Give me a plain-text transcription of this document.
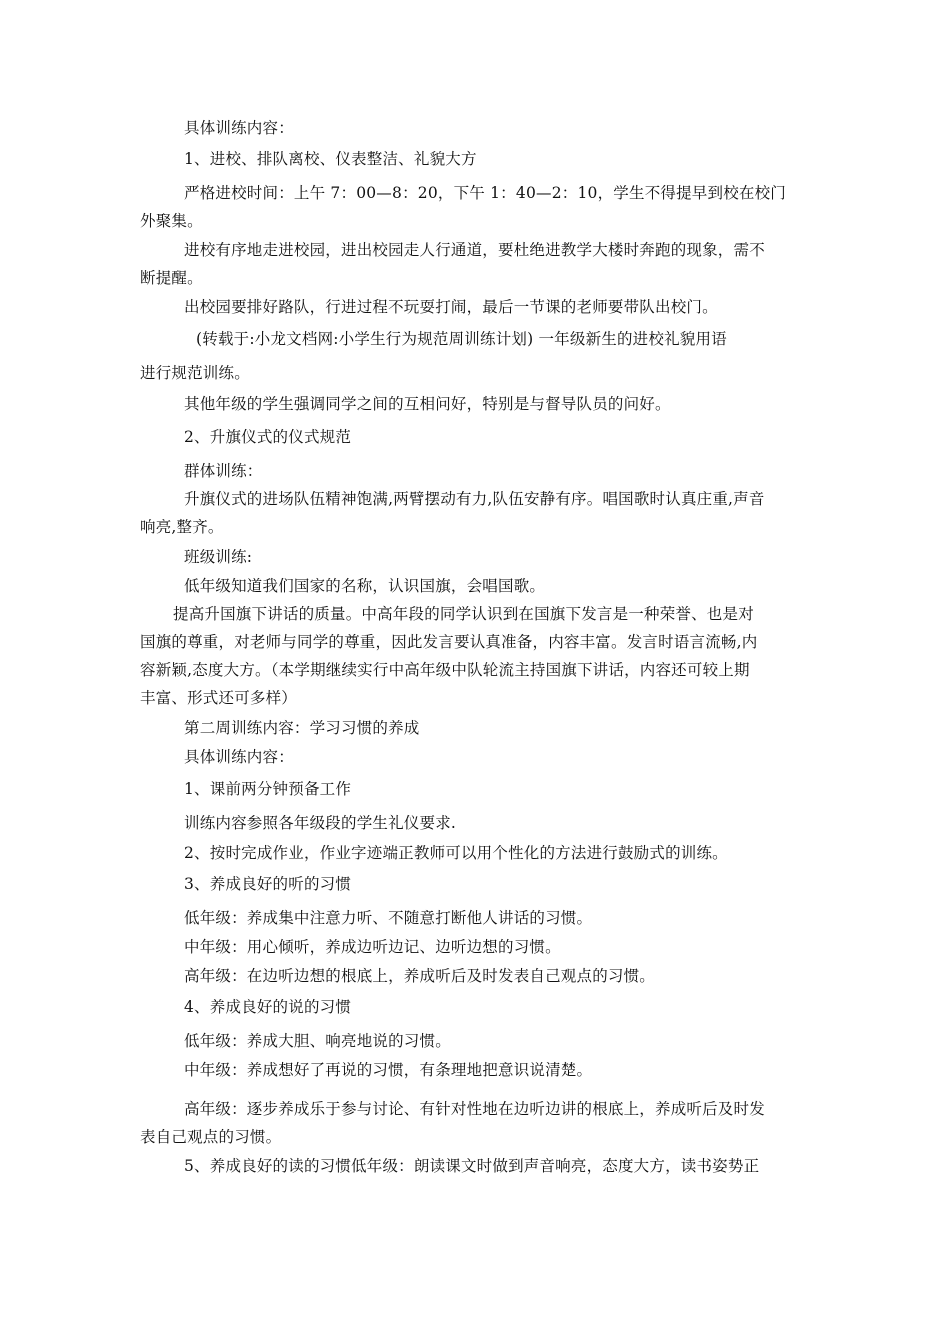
具体训练内容：
1、进校、排队离校、仪表整洁、礼貌大方
严格进校时间：上午 7：00—8：20，下午 1：40—2：10，学生不得提早到校在校门
外聚集。
进校有序地走进校园，进出校园走人行通道，要杜绝进教学大楼时奔跑的现象，需不
断提醒。
出校园要排好路队，行进过程不玩耍打闹，最后一节课的老师要带队出校门。
(转载于:小龙文档网:小学生行为规范周训练计划) 一年级新生的进校礼貌用语
进行规范训练。
其他年级的学生强调同学之间的互相问好，特别是与督导队员的问好。
2、升旗仪式的仪式规范
群体训练：
升旗仪式的进场队伍精神饱满,两臂摆动有力,队伍安静有序。唱国歌时认真庄重,声音
响亮,整齐。
班级训练:
低年级知道我们国家的名称，认识国旗，会唱国歌。
提高升国旗下讲话的质量。中高年段的同学认识到在国旗下发言是一种荣誉、也是对
国旗的尊重，对老师与同学的尊重，因此发言要认真准备，内容丰富。发言时语言流畅,内
容新颖,态度大方。（本学期继续实行中高年级中队轮流主持国旗下讲话，内容还可较上期
丰富、形式还可多样）
第二周训练内容：学习习惯的养成
具体训练内容：
1、课前两分钟预备工作
训练内容参照各年级段的学生礼仪要求.
2、按时完成作业，作业字迹端正教师可以用个性化的方法进行鼓励式的训练。
3、养成良好的听的习惯
低年级：养成集中注意力听、不随意打断他人讲话的习惯。
中年级：用心倾听，养成边听边记、边听边想的习惯。
高年级：在边听边想的根底上，养成听后及时发表自己观点的习惯。
4、养成良好的说的习惯
低年级：养成大胆、响亮地说的习惯。
中年级：养成想好了再说的习惯，有条理地把意识说清楚。
高年级：逐步养成乐于参与讨论、有针对性地在边听边讲的根底上，养成听后及时发
表自己观点的习惯。
5、养成良好的读的习惯低年级：朗读课文时做到声音响亮，态度大方，读书姿势正
